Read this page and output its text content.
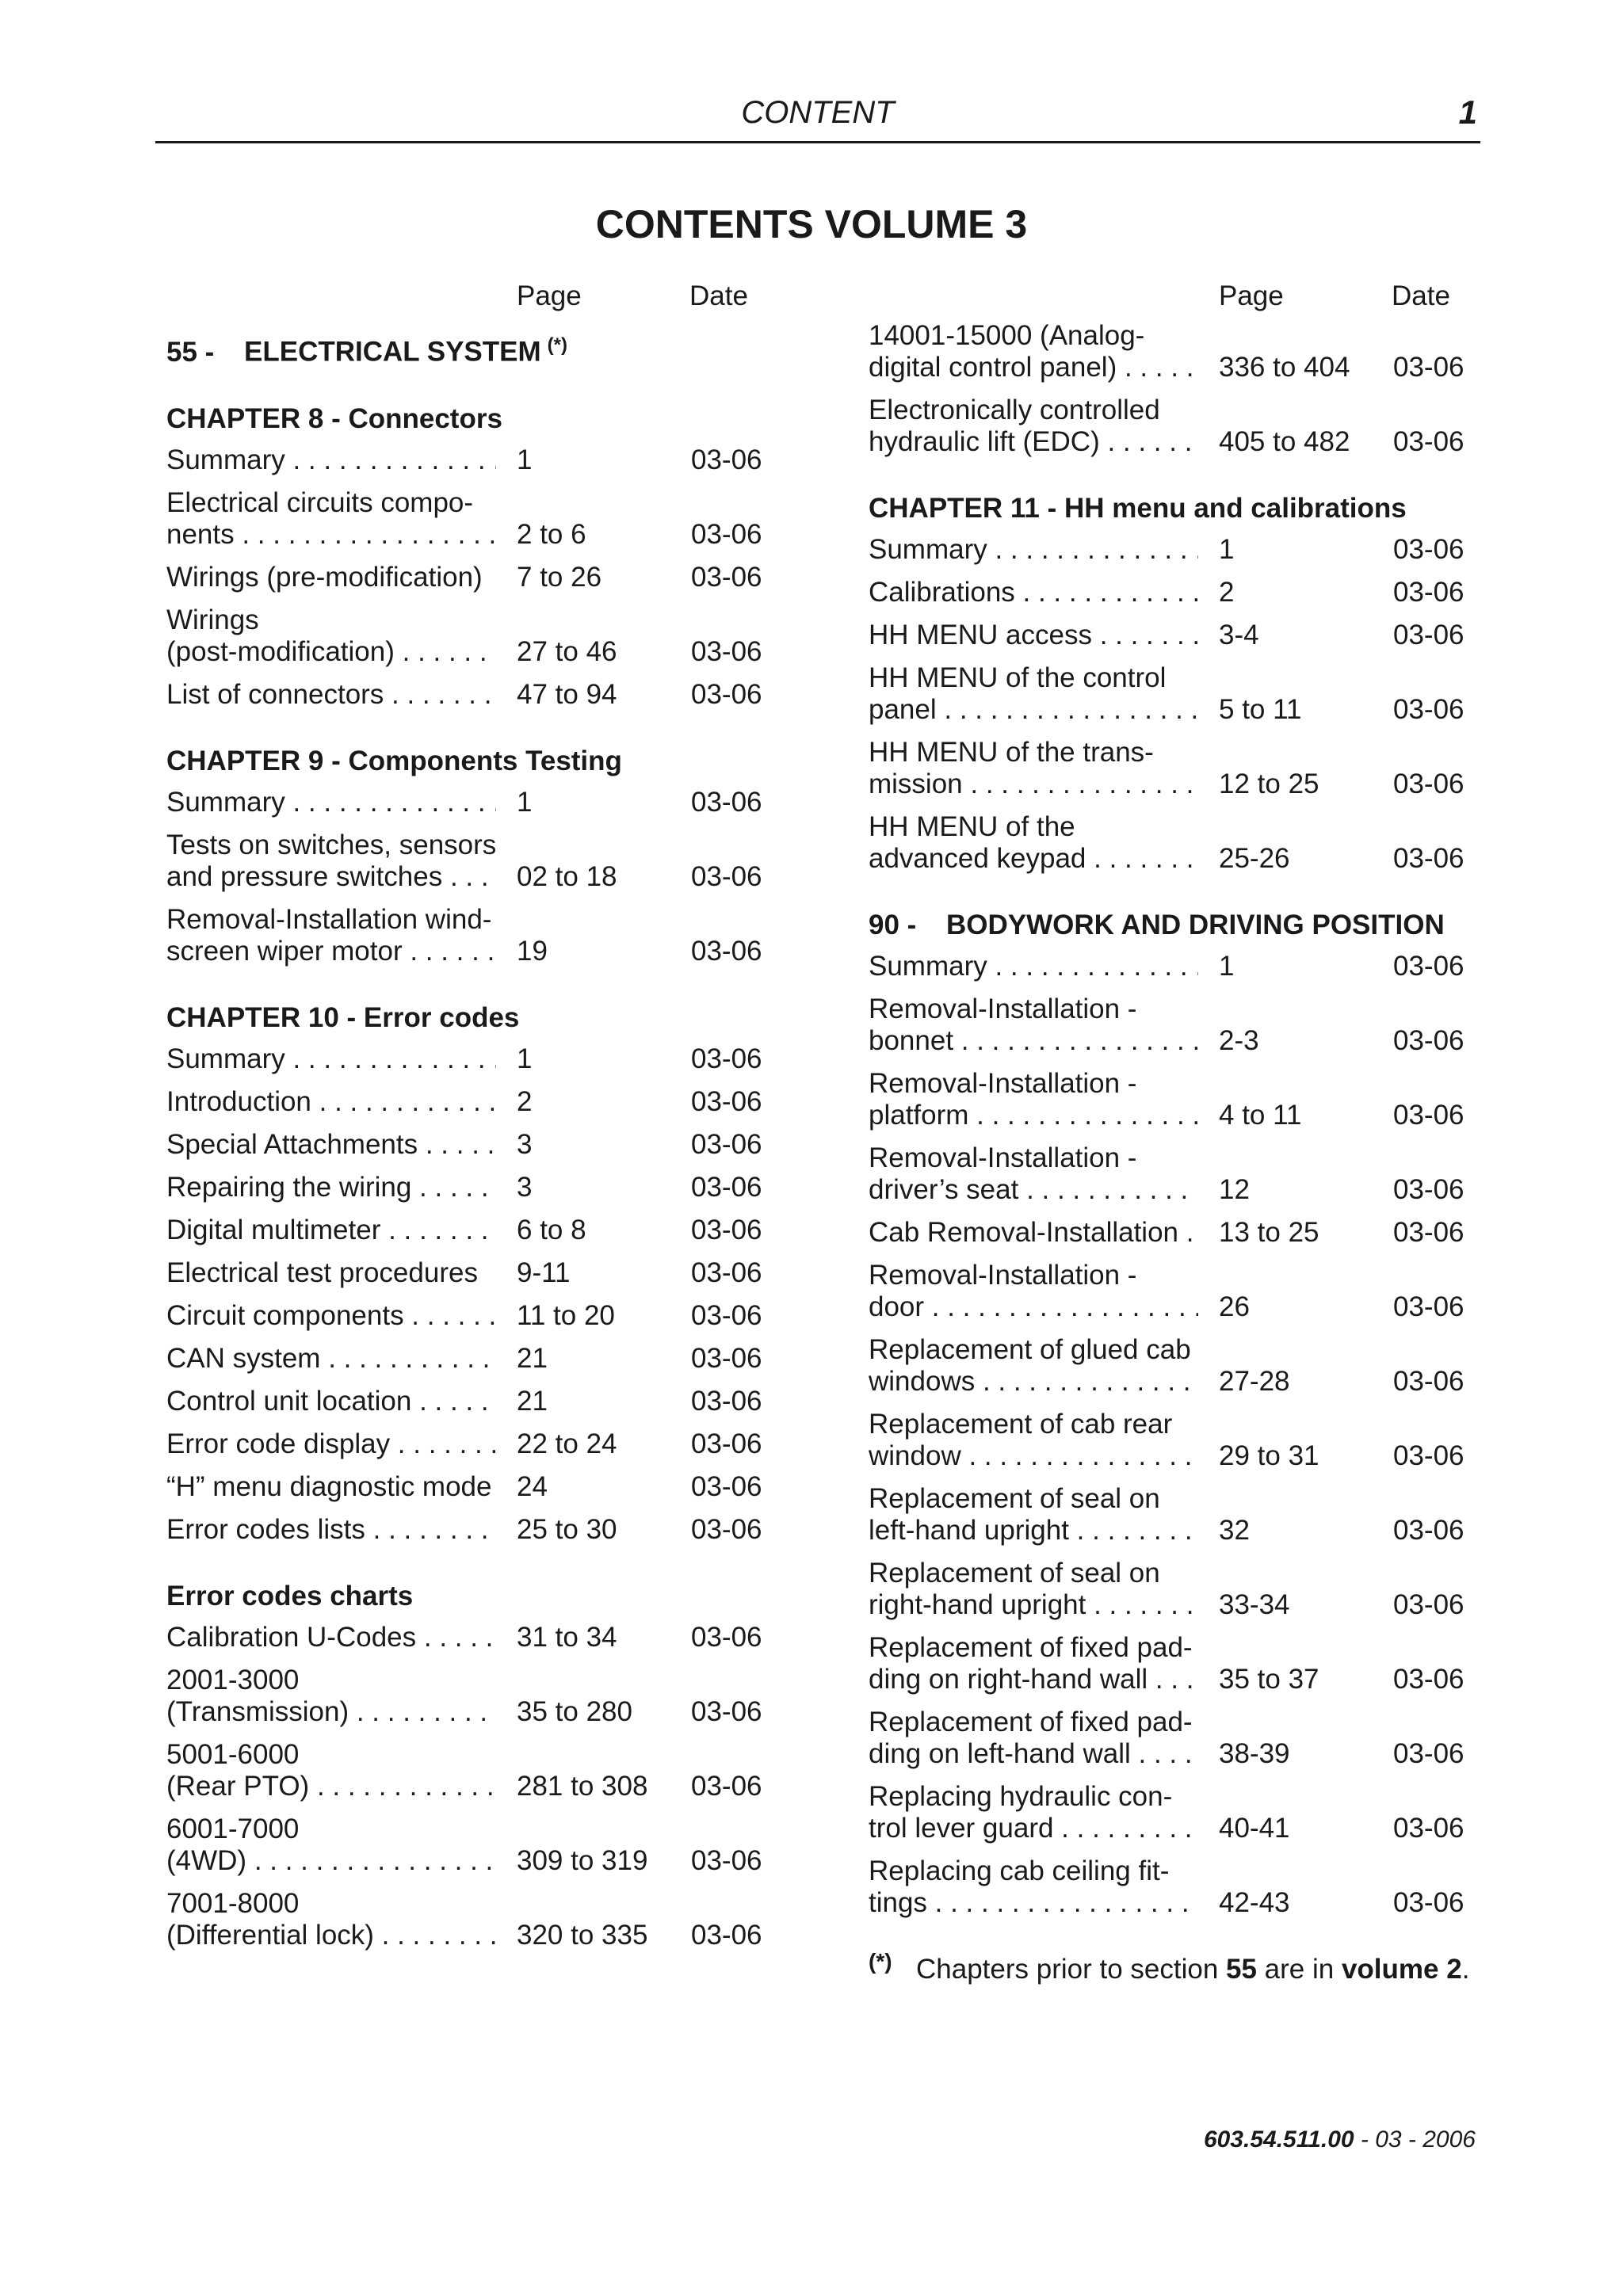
CONTENT	1
CONTENTS VOLUME 3
Page	Date
55 - ELECTRICAL SYSTEM (*)
CHAPTER 8 - Connectors
Summary . . .	1	03-06
Electrical circuits compo-
nents . . .	2 to 6	03-06
Wirings (pre-modification)	7 to 26	03-06
Wirings
(post-modification) . . .	27 to 46	03-06
List of connectors . . .	47 to 94	03-06
CHAPTER 9 - Components Testing
Summary . . .	1	03-06
Tests on switches, sensors
and pressure switches . . .	02 to 18	03-06
Removal-Installation wind-
screen wiper motor . . .	19	03-06
CHAPTER 10 - Error codes
Summary . . .	1	03-06
Introduction . . .	2	03-06
Special Attachments . . .	3	03-06
Repairing the wiring . . .	3	03-06
Digital multimeter . . .	6 to 8	03-06
Electrical test procedures	9-11	03-06
Circuit components . . .	11 to 20	03-06
CAN system . . .	21	03-06
Control unit location . . .	21	03-06
Error code display . . .	22 to 24	03-06
“H” menu diagnostic mode 24	03-06
Error codes lists . . .	25 to 30	03-06
Error codes charts
Calibration U-Codes . . .	31 to 34	03-06
2001-3000
(Transmission) . . .	35 to 280 03-06
5001-6000
(Rear PTO) . . .	281 to 308 03-06
6001-7000
(4WD) . . .	309 to 319 03-06
7001-8000
(Differential lock) . . .	320 to 335 03-06
Page	Date
14001-15000 (Analog-
digital control panel) . . .	336 to 404 03-06
Electronically controlled
hydraulic lift (EDC) . . .	405 to 482 03-06
CHAPTER 11 - HH menu and calibrations
Summary . . .	1	03-06
Calibrations . . .	2	03-06
HH MENU access . . .	3-4	03-06
HH MENU of the control
panel . . .	5 to 11	03-06
HH MENU of the trans-
mission . . .	12 to 25	03-06
HH MENU of the
advanced keypad . . .	25-26	03-06
90 - BODYWORK AND DRIVING POSITION
Summary . . .	1	03-06
Removal-Installation -
bonnet . . .	2-3	03-06
Removal-Installation -
platform . . .	4 to 11	03-06
Removal-Installation -
driver’s seat . . .	12	03-06
Cab Removal-Installation . 13 to 25	03-06
Removal-Installation -
door . . .	26	03-06
Replacement of glued cab
windows . . .	27-28	03-06
Replacement of cab rear
window . . .	29 to 31	03-06
Replacement of seal on
left-hand upright . . .	32	03-06
Replacement of seal on
right-hand upright . . .	33-34	03-06
Replacement of fixed pad-
ding on right-hand wall . . .	35 to 37	03-06
Replacement of fixed pad-
ding on left-hand wall . . .	38-39	03-06
Replacing hydraulic con-
trol lever guard . . .	40-41	03-06
Replacing cab ceiling fit-
tings . . .	42-43	03-06
(*) Chapters prior to section 55 are in volume 2.
603.54.511.00 - 03 - 2006
